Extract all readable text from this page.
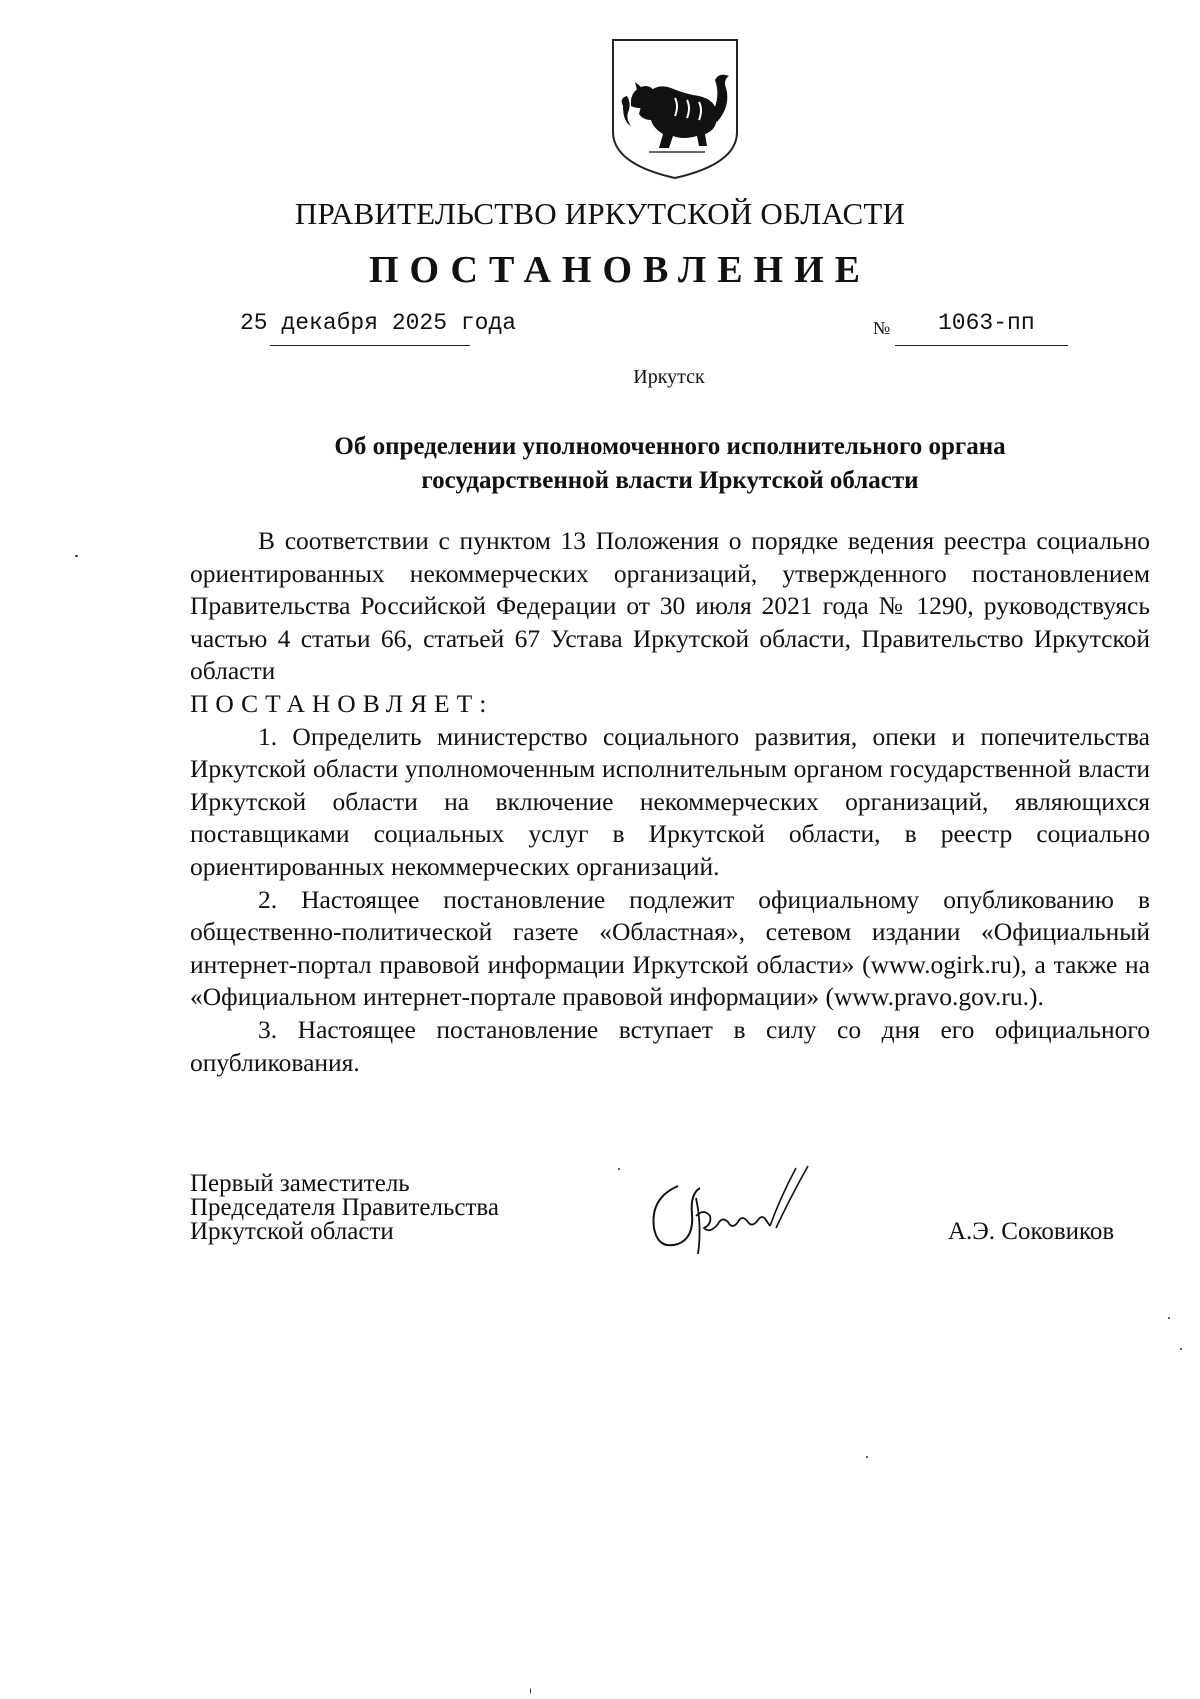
ПРАВИТЕЛЬСТВО ИРКУТСКОЙ ОБЛАСТИ
ПОСТАНОВЛЕНИЕ
25 декабря 2025 года	№ 1063-пп
Иркутск
Об определении уполномоченного исполнительного органа
государственной власти Иркутской области

В соответствии с пунктом 13 Положения о порядке ведения реестра социально ориентированных некоммерческих организаций, утвержденного постановлением Правительства Российской Федерации от 30 июля 2021 года № 1290, руководствуясь частью 4 статьи 66, статьей 67 Устава Иркутской области, Правительство Иркутской области

ПОСТАНОВЛЯЕТ:

1. Определить министерство социального развития, опеки и попечительства Иркутской области уполномоченным исполнительным органом государственной власти Иркутской области на включение некоммерческих организаций, являющихся поставщиками социальных услуг в Иркутской области, в реестр социально ориентированных некоммерческих организаций.

2. Настоящее постановление подлежит официальному опубликованию в общественно-политической газете «Областная», сетевом издании «Официальный интернет-портал правовой информации Иркутской области» (www.ogirk.ru), а также на «Официальном интернет-портале правовой информации» (www.pravo.gov.ru.).

3. Настоящее постановление вступает в силу со дня его официального опубликования.

Первый заместитель
Председателя Правительства
Иркутской области	А.Э. Соковиков
